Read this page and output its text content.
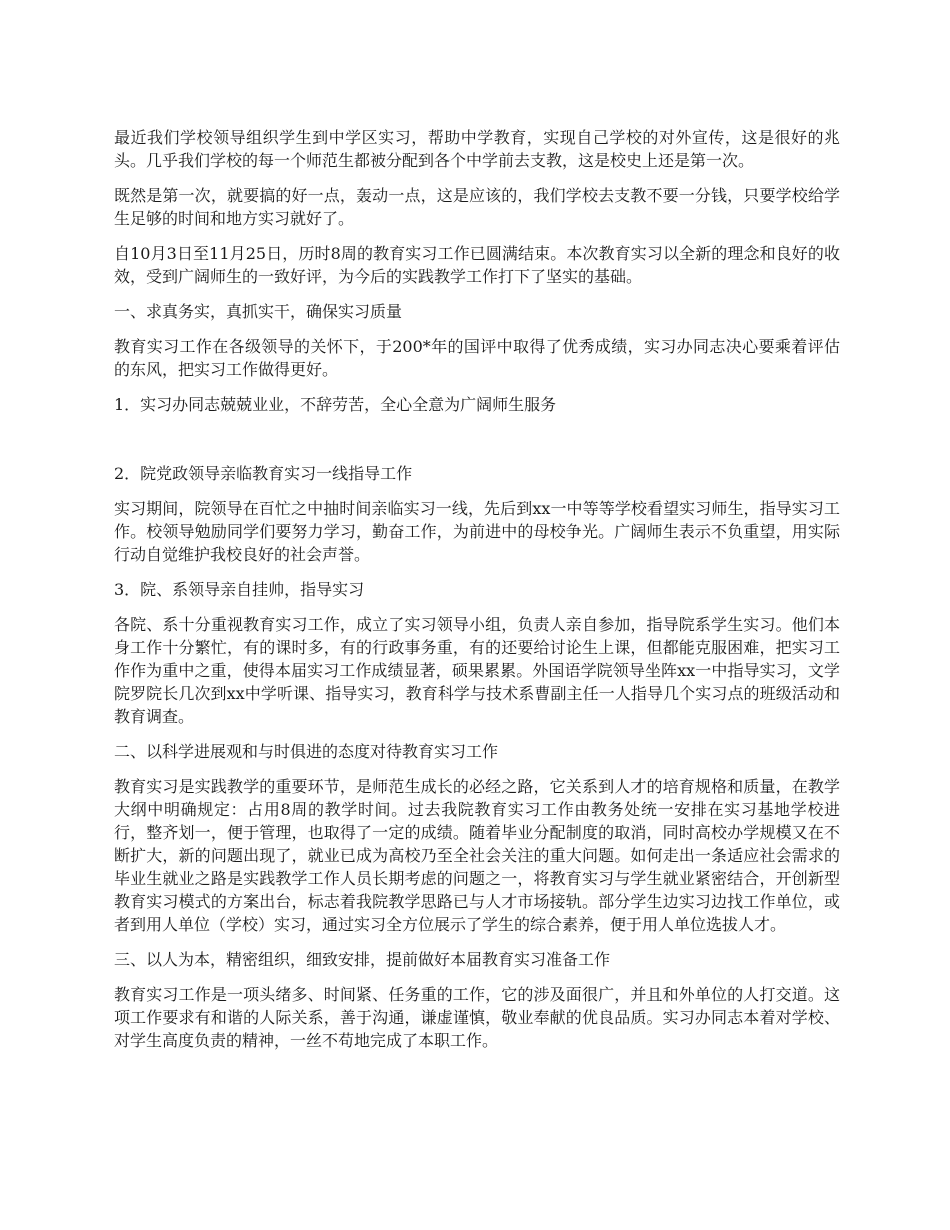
最近我们学校领导组织学生到中学区实习，帮助中学教育，实现自己学校的对外宣传，这是很好的兆头。几乎我们学校的每一个师范生都被分配到各个中学前去支教，这是校史上还是第一次。

既然是第一次，就要搞的好一点，轰动一点，这是应该的，我们学校去支教不要一分钱，只要学校给学生足够的时间和地方实习就好了。

自10月3日至11月25日，历时8周的教育实习工作已圆满结束。本次教育实习以全新的理念和良好的收效，受到广阔师生的一致好评，为今后的实践教学工作打下了坚实的基础。

一、求真务实，真抓实干，确保实习质量

教育实习工作在各级领导的关怀下，于200*年的国评中取得了优秀成绩，实习办同志决心要乘着评估的东风，把实习工作做得更好。

1．实习办同志兢兢业业，不辞劳苦，全心全意为广阔师生服务

2．院党政领导亲临教育实习一线指导工作

实习期间，院领导在百忙之中抽时间亲临实习一线，先后到xx一中等等学校看望实习师生，指导实习工作。校领导勉励同学们要努力学习，勤奋工作，为前进中的母校争光。广阔师生表示不负重望，用实际行动自觉维护我校良好的社会声誉。

3．院、系领导亲自挂帅，指导实习

各院、系十分重视教育实习工作，成立了实习领导小组，负责人亲自参加，指导院系学生实习。他们本身工作十分繁忙，有的课时多，有的行政事务重，有的还要给讨论生上课，但都能克服困难，把实习工作作为重中之重，使得本届实习工作成绩显著，硕果累累。外国语学院领导坐阵xx一中指导实习，文学院罗院长几次到xx中学听课、指导实习，教育科学与技术系曹副主任一人指导几个实习点的班级活动和教育调查。

二、以科学进展观和与时俱进的态度对待教育实习工作

教育实习是实践教学的重要环节，是师范生成长的必经之路，它关系到人才的培育规格和质量，在教学大纲中明确规定：占用8周的教学时间。过去我院教育实习工作由教务处统一安排在实习基地学校进行，整齐划一，便于管理，也取得了一定的成绩。随着毕业分配制度的取消，同时高校办学规模又在不断扩大，新的问题出现了，就业已成为高校乃至全社会关注的重大问题。如何走出一条适应社会需求的毕业生就业之路是实践教学工作人员长期考虑的问题之一，将教育实习与学生就业紧密结合，开创新型教育实习模式的方案出台，标志着我院教学思路已与人才市场接轨。部分学生边实习边找工作单位，或者到用人单位（学校）实习，通过实习全方位展示了学生的综合素养，便于用人单位选拔人才。

三、以人为本，精密组织，细致安排，提前做好本届教育实习准备工作

教育实习工作是一项头绪多、时间紧、任务重的工作，它的涉及面很广，并且和外单位的人打交道。这项工作要求有和谐的人际关系，善于沟通，谦虚谨慎，敬业奉献的优良品质。实习办同志本着对学校、对学生高度负责的精神，一丝不苟地完成了本职工作。
